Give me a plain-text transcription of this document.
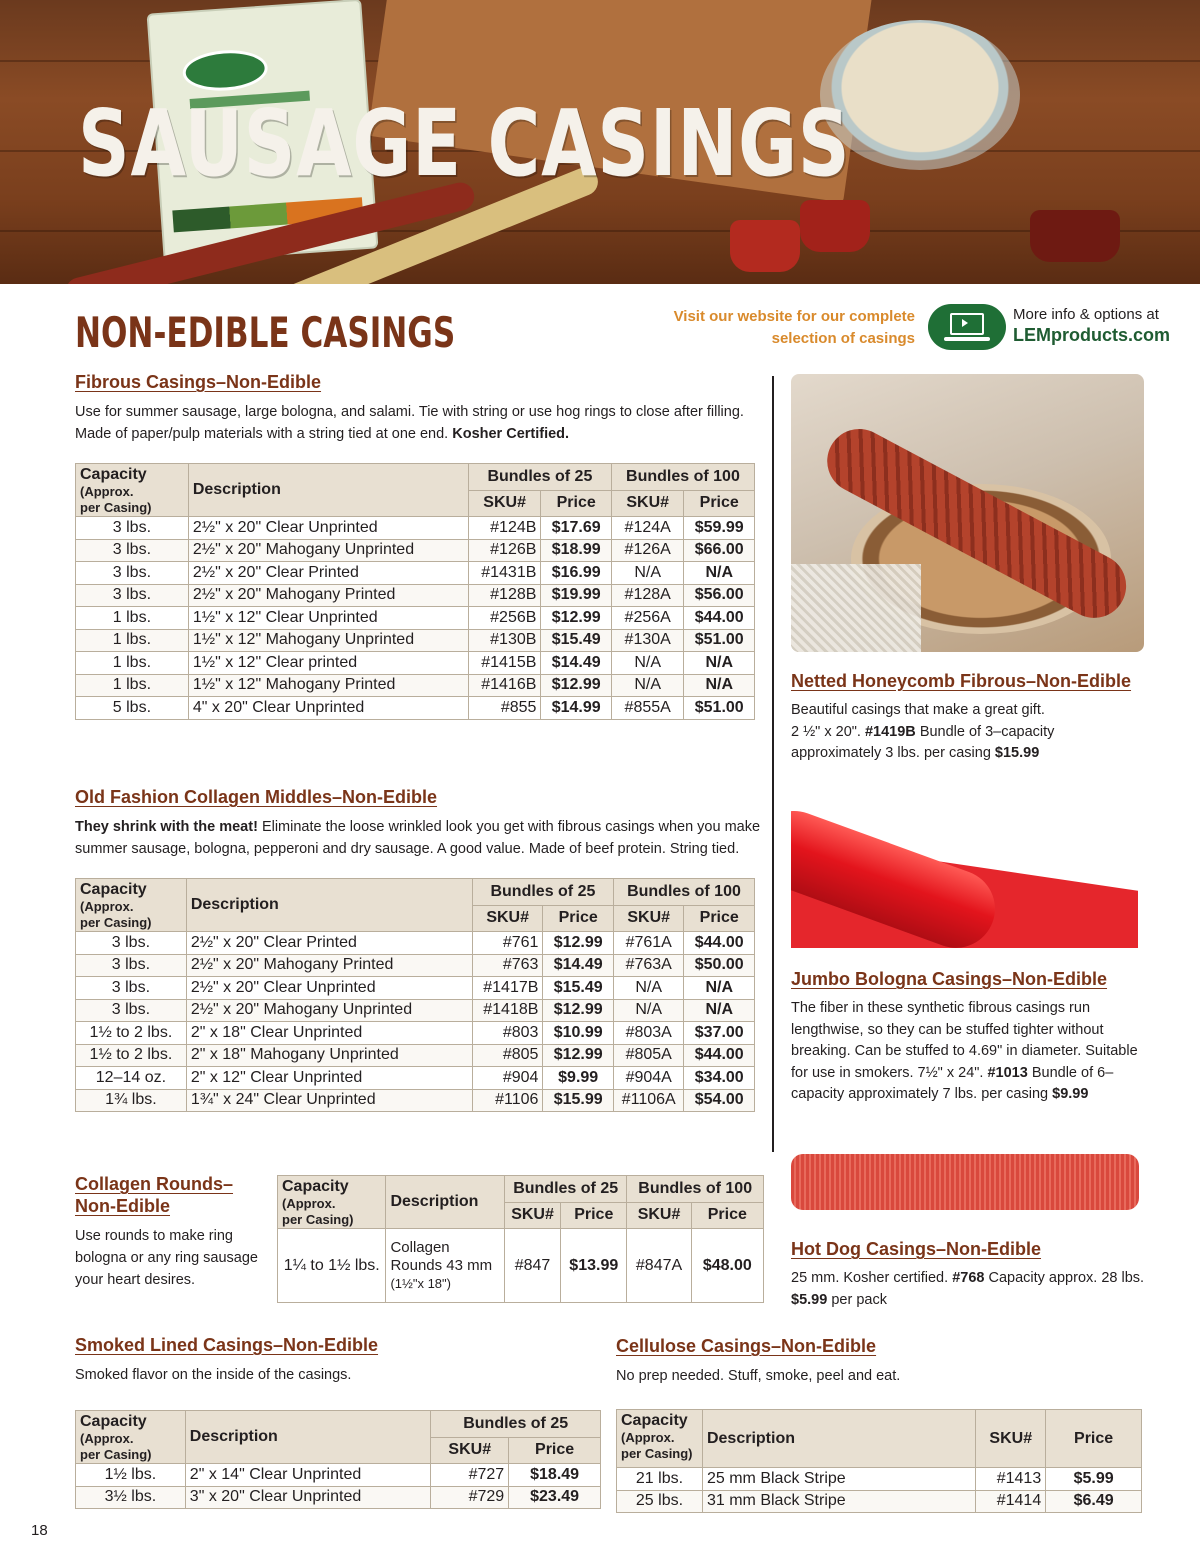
SAUSAGE CASINGS
NON-EDIBLE CASINGS	Visit our website for our complete
selection of casings
More info & options at
LEMproducts.com
Fibrous Casings–Non-Edible
Use for summer sausage, large bologna, and salami. Tie with string or use hog rings to close after filling. Made of paper/pulp materials with a string tied at one end. Kosher Certified.
Capacity
(Approx.
per Casing)	Description	Bundles of 25		Bundles of 100	
		SKU#	Price	SKU#	Price
3 lbs.	2½" x 20" Clear Unprinted	#124B	$17.69	#124A	$59.99
3 lbs.	2½" x 20" Mahogany Unprinted	#126B	$18.99	#126A	$66.00
3 lbs.	2½" x 20" Clear Printed	#1431B	$16.99	N/A	N/A
3 lbs.	2½" x 20" Mahogany Printed	#128B	$19.99	#128A	$56.00
1 lbs.	1½" x 12" Clear Unprinted	#256B	$12.99	#256A	$44.00
1 lbs.	1½" x 12" Mahogany Unprinted	#130B	$15.49	#130A	$51.00
1 lbs.	1½" x 12" Clear printed	#1415B	$14.49	N/A	N/A
1 lbs.	1½" x 12" Mahogany Printed	#1416B	$12.99	N/A	N/A
5 lbs.	4" x 20" Clear Unprinted	#855	$14.99	#855A	$51.00
Old Fashion Collagen Middles–Non-Edible
They shrink with the meat! Eliminate the loose wrinkled look you get with fibrous casings when you make summer sausage, bologna, pepperoni and dry sausage. A good value. Made of beef protein. String tied.
Capacity
(Approx.
per Casing)	Description	Bundles of 25		Bundles of 100	
		SKU#	Price	SKU#	Price
3 lbs.	2½" x 20" Clear Printed	#761	$12.99	#761A	$44.00
3 lbs.	2½" x 20" Mahogany Printed	#763	$14.49	#763A	$50.00
3 lbs.	2½" x 20" Clear Unprinted	#1417B	$15.49	N/A	N/A
3 lbs.	2½" x 20" Mahogany Unprinted	#1418B	$12.99	N/A	N/A
1½ to 2 lbs.	2" x 18" Clear Unprinted	#803	$10.99	#803A	$37.00
1½ to 2 lbs.	2" x 18" Mahogany Unprinted	#805	$12.99	#805A	$44.00
12–14 oz.	2" x 12" Clear Unprinted	#904	$9.99	#904A	$34.00
1¾ lbs.	1¾" x 24" Clear Unprinted	#1106	$15.99	#1106A	$54.00
Collagen Rounds–
Non-Edible
Use rounds to make ring bologna or any ring sausage your heart desires.
Capacity
(Approx.
per Casing)	Description	Bundles of 25		Bundles of 100	
		SKU#	Price	SKU#	Price
1¼ to 1½ lbs.	Collagen
Rounds 43 mm
(1½"x 18")	#847	$13.99	#847A	$48.00
Smoked Lined Casings–Non-Edible
Smoked flavor on the inside of the casings.
Capacity
(Approx.
per Casing)	Description	Bundles of 25	
		SKU#	Price
1½ lbs.	2" x 14" Clear Unprinted	#727	$18.49
3½ lbs.	3" x 20" Clear Unprinted	#729	$23.49
Cellulose Casings–Non-Edible
No prep needed. Stuff, smoke, peel and eat.
Capacity
(Approx.
per Casing)	Description	SKU#	Price
21 lbs.	25 mm Black Stripe	#1413	$5.99
25 lbs.	31 mm Black Stripe	#1414	$6.49
Netted Honeycomb Fibrous–Non-Edible
Beautiful casings that make a great gift.
2 ½" x 20". #1419B Bundle of 3–capacity
approximately 3 lbs. per casing $15.99
Jumbo Bologna Casings–Non-Edible
The fiber in these synthetic fibrous casings run lengthwise, so they can be stuffed tighter without breaking. Can be stuffed to 4.69" in diameter. Suitable for use in smokers. 7½" x 24". #1013 Bundle of 6–capacity approximately 7 lbs. per casing $9.99
Hot Dog Casings–Non-Edible
25 mm. Kosher certified. #768 Capacity approx. 28 lbs.
$5.99 per pack
18
